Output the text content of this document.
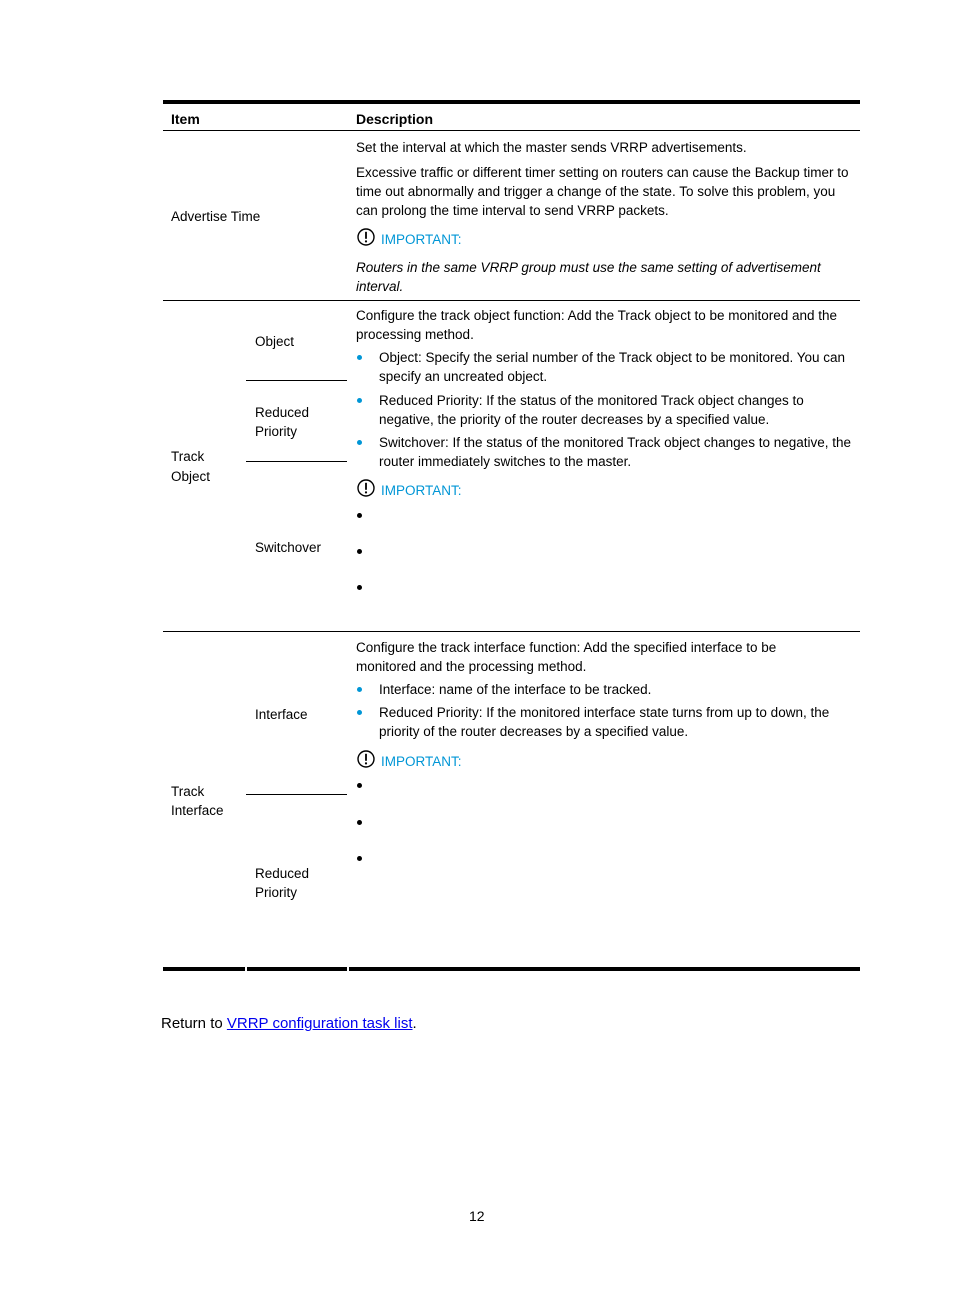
Item	Description
Advertise Time
Set the interval at which the master sends VRRP advertisements.
Excessive traffic or different timer setting on routers can cause the Backup timer to
time out abnormally and trigger a change of the state. To solve this problem, you
can prolong the time interval to send VRRP packets.
IMPORTANT:
Routers in the same VRRP group must use the same setting of advertisement
interval.
Track
Object
Object
Reduced
Priority
Switchover
Configure the track object function: Add the Track object to be monitored and the
processing method.
Object: Specify the serial number of the Track object to be monitored. You can
specify an uncreated object.
Reduced Priority: If the status of the monitored Track object changes to
negative, the priority of the router decreases by a specified value.
Switchover: If the status of the monitored Track object changes to negative, the
router immediately switches to the master.
IMPORTANT:
Track
Interface
Interface
Reduced
Priority
Configure the track interface function: Add the specified interface to be
monitored and the processing method.
Interface: name of the interface to be tracked.
Reduced Priority: If the monitored interface state turns from up to down, the
priority of the router decreases by a specified value.
IMPORTANT:
Return to VRRP configuration task list.
12
